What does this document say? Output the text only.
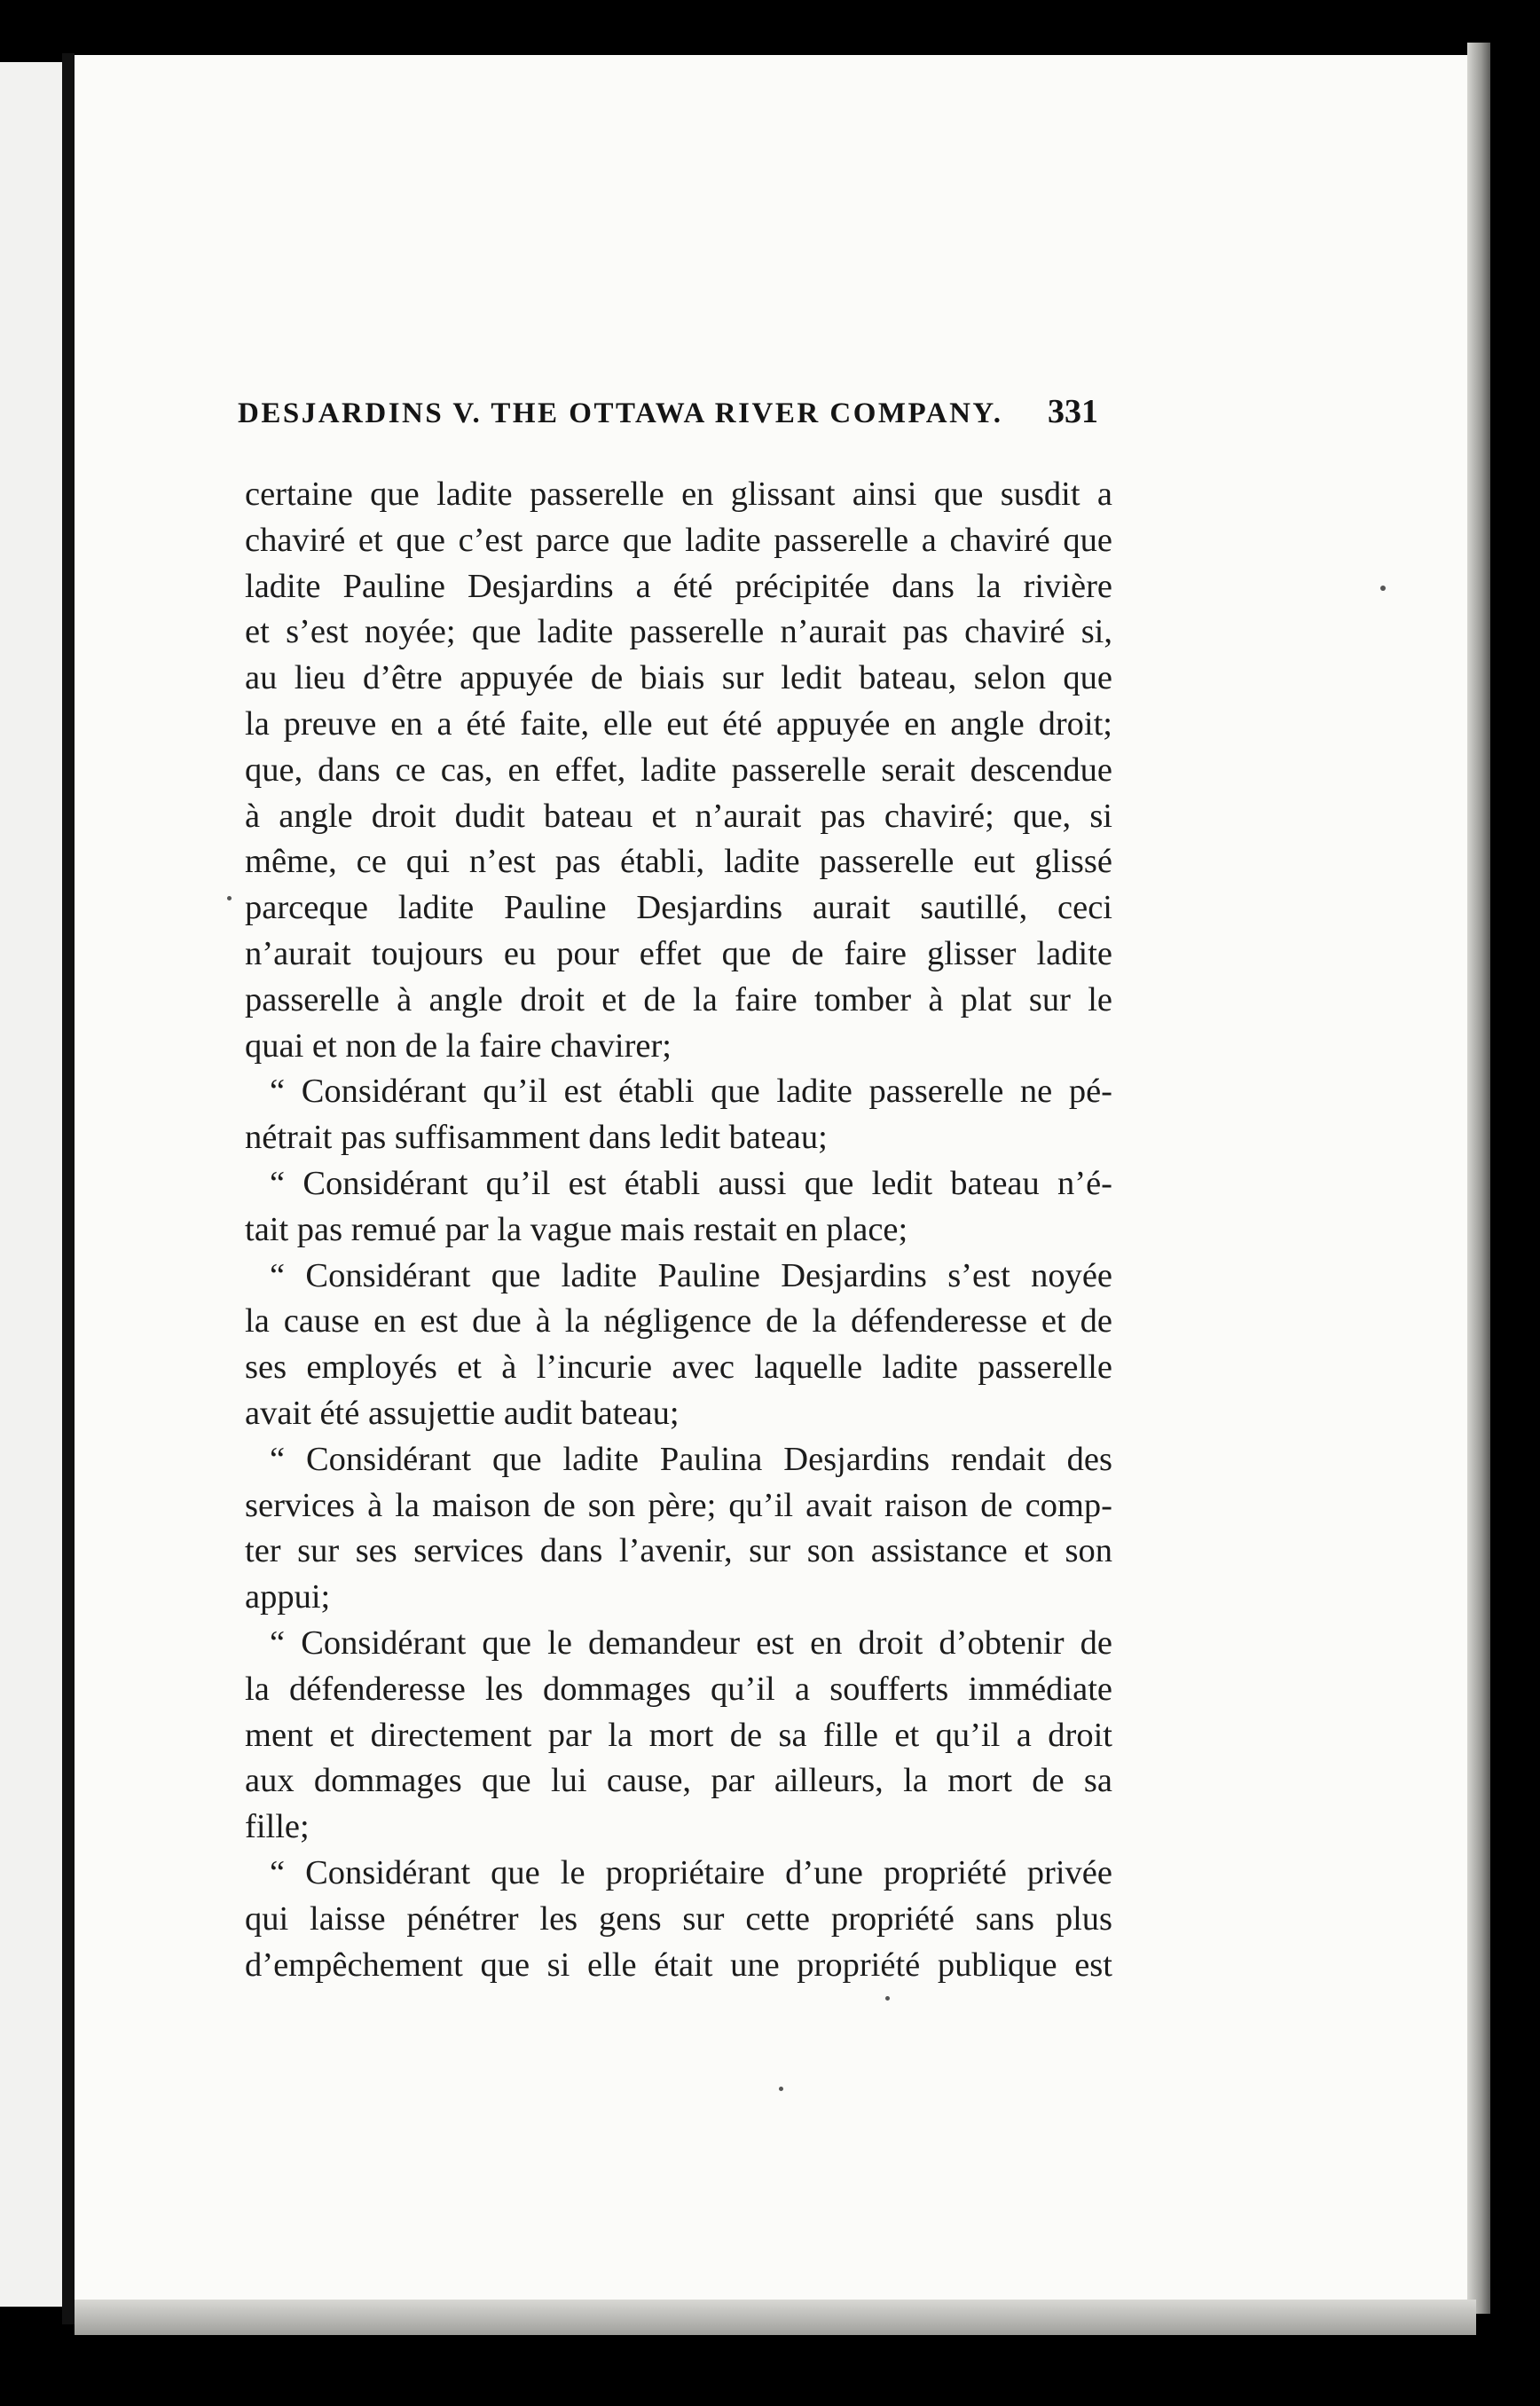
DESJARDINS V. THE OTTAWA RIVER COMPANY. 331
certaine que ladite passerelle en glissant ainsi que susdit a
chaviré et que c’est parce que ladite passerelle a chaviré que
ladite Pauline Desjardins a été précipitée dans la rivière
et s’est noyée; que ladite passerelle n’aurait pas chaviré si,
au lieu d’être appuyée de biais sur ledit bateau, selon que
la preuve en a été faite, elle eut été appuyée en angle droit;
que, dans ce cas, en effet, ladite passerelle serait descendue
à angle droit dudit bateau et n’aurait pas chaviré; que, si
même, ce qui n’est pas établi, ladite passerelle eut glissé
parceque ladite Pauline Desjardins aurait sautillé, ceci
n’aurait toujours eu pour effet que de faire glisser ladite
passerelle à angle droit et de la faire tomber à plat sur le
quai et non de la faire chavirer;
“ Considérant qu’il est établi que ladite passerelle ne pé-
nétrait pas suffisamment dans ledit bateau;
“ Considérant qu’il est établi aussi que ledit bateau n’é-
tait pas remué par la vague mais restait en place;
“ Considérant que ladite Pauline Desjardins s’est noyée
la cause en est due à la négligence de la défenderesse et de
ses employés et à l’incurie avec laquelle ladite passerelle
avait été assujettie audit bateau;
“ Considérant que ladite Paulina Desjardins rendait des
services à la maison de son père; qu’il avait raison de comp-
ter sur ses services dans l’avenir, sur son assistance et son
appui;
“ Considérant que le demandeur est en droit d’obtenir de
la défenderesse les dommages qu’il a soufferts immédiate
ment et directement par la mort de sa fille et qu’il a droit
aux dommages que lui cause, par ailleurs, la mort de sa
fille;
“ Considérant que le propriétaire d’une propriété privée
qui laisse pénétrer les gens sur cette propriété sans plus
d’empêchement que si elle était une propriété publique est
